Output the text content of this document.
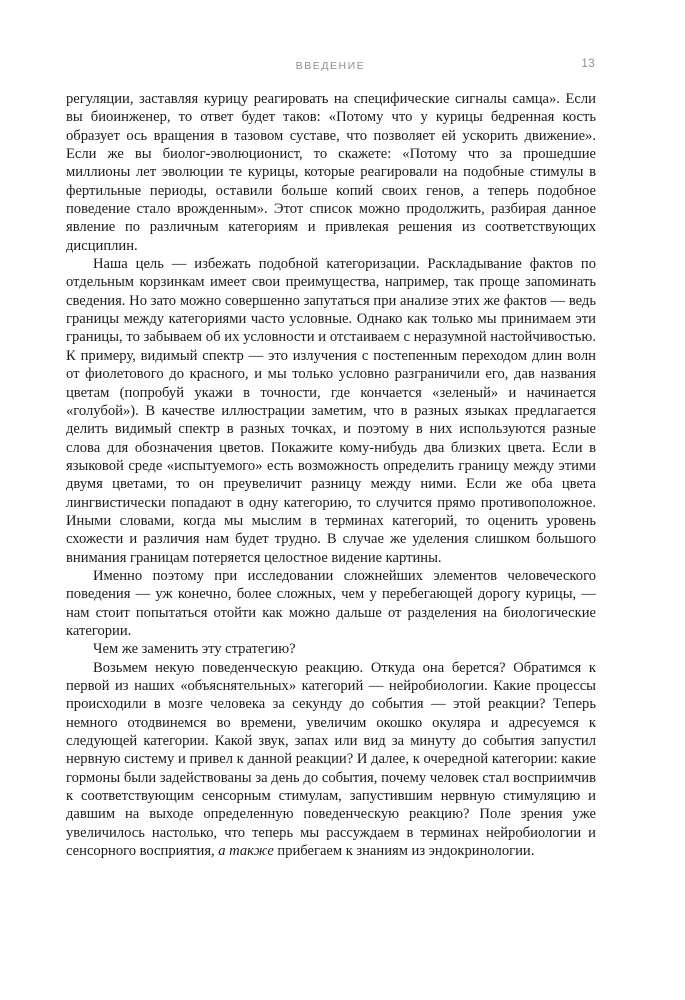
ВВЕДЕНИЕ	13

регуляции, заставляя курицу реагировать на специфические сигналы самца». Если вы биоинженер, то ответ будет таков: «Потому что у курицы бедренная кость образует ось вращения в тазовом суставе, что позволяет ей ускорить движение». Если же вы биолог-эволюционист, то скажете: «Потому что за прошедшие миллионы лет эволюции те курицы, которые реагировали на подобные стимулы в фертильные периоды, оставили больше копий своих генов, а теперь подобное поведение стало врожденным». Этот список можно продолжить, разбирая данное явление по различным категориям и привлекая решения из соответствующих дисциплин.

Наша цель — избежать подобной категоризации. Раскладывание фактов по отдельным корзинкам имеет свои преимущества, например, так проще запоминать сведения. Но зато можно совершенно запутаться при анализе этих же фактов — ведь границы между категориями часто условные. Однако как только мы принимаем эти границы, то забываем об их условности и отстаиваем с неразумной настойчивостью. К примеру, видимый спектр — это излучения с постепенным переходом длин волн от фиолетового до красного, и мы только условно разграничили его, дав названия цветам (попробуй укажи в точности, где кончается «зеленый» и начинается «голубой»). В качестве иллюстрации заметим, что в разных языках предлагается делить видимый спектр в разных точках, и поэтому в них используются разные слова для обозначения цветов. Покажите кому-нибудь два близких цвета. Если в языковой среде «испытуемого» есть возможность определить границу между этими двумя цветами, то он преувеличит разницу между ними. Если же оба цвета лингвистически попадают в одну категорию, то случится прямо противоположное. Иными словами, когда мы мыслим в терминах категорий, то оценить уровень схожести и различия нам будет трудно. В случае же уделения слишком большого внимания границам потеряется целостное видение картины.

Именно поэтому при исследовании сложнейших элементов человеческого поведения — уж конечно, более сложных, чем у перебегающей дорогу курицы, — нам стоит попытаться отойти как можно дальше от разделения на биологические категории.

Чем же заменить эту стратегию?

Возьмем некую поведенческую реакцию. Откуда она берется? Обратимся к первой из наших «объяснятельных» категорий — нейробиологии. Какие процессы происходили в мозге человека за секунду до события — этой реакции? Теперь немного отодвинемся во времени, увеличим окошко окуляра и адресуемся к следующей категории. Какой звук, запах или вид за минуту до события запустил нервную систему и привел к данной реакции? И далее, к очередной категории: какие гормоны были задействованы за день до события, почему человек стал восприимчив к соответствующим сенсорным стимулам, запустившим нервную стимуляцию и давшим на выходе определенную поведенческую реакцию? Поле зрения уже увеличилось настолько, что теперь мы рассуждаем в терминах нейробиологии и сенсорного восприятия, а также прибегаем к знаниям из эндокринологии.
